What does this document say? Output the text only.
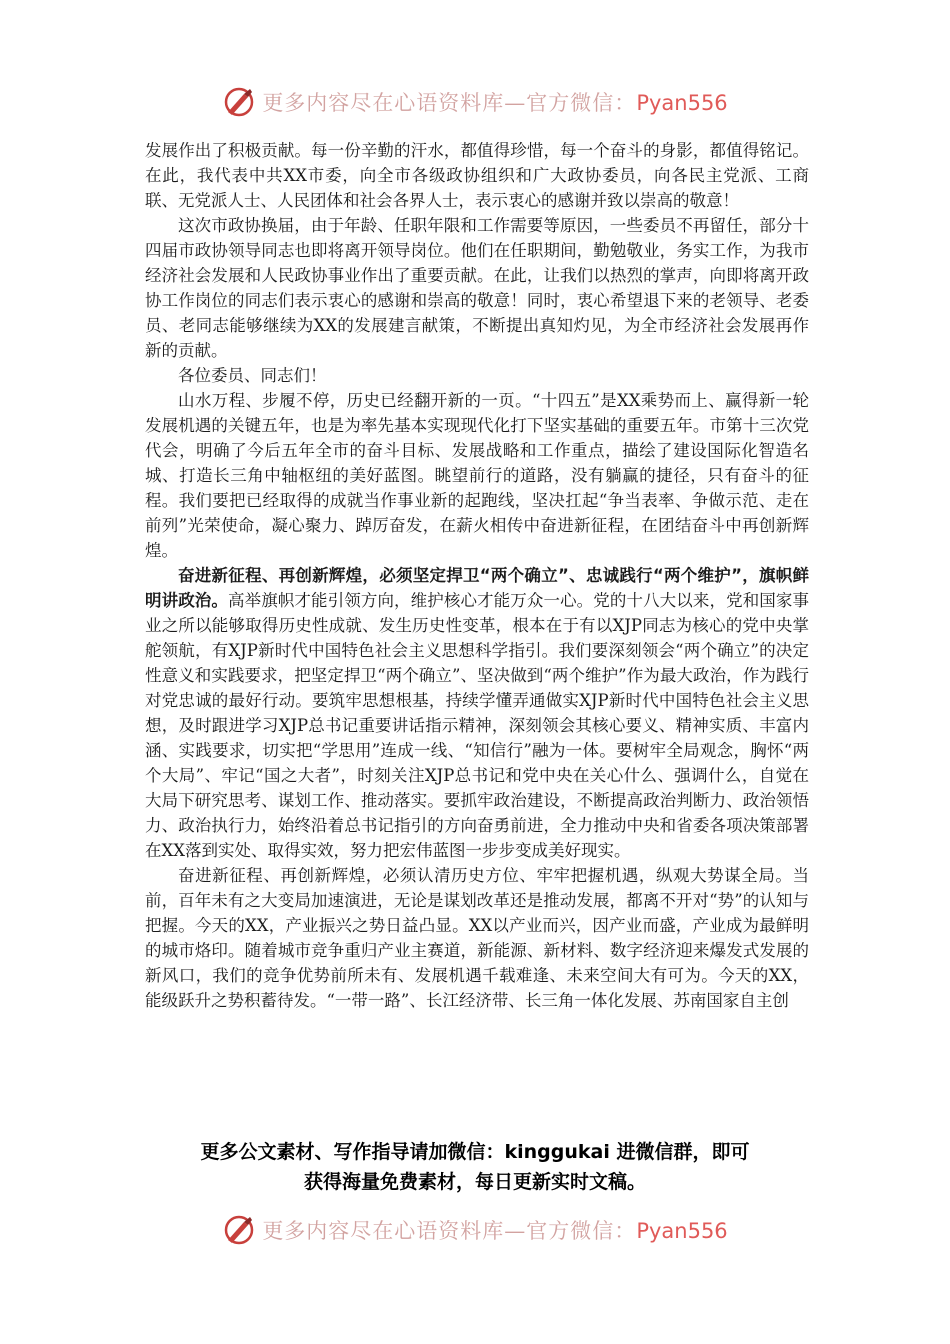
更多内容尽在心语资料库—官方微信：Pyan556

发展作出了积极贡献。每一份辛勤的汗水，都值得珍惜，每一个奋斗的身影，都值得铭记。在此，我代表中共XX市委，向全市各级政协组织和广大政协委员，向各民主党派、工商联、无党派人士、人民团体和社会各界人士，表示衷心的感谢并致以崇高的敬意！

这次市政协换届，由于年龄、任职年限和工作需要等原因，一些委员不再留任，部分十四届市政协领导同志也即将离开领导岗位。他们在任职期间，勤勉敬业，务实工作，为我市经济社会发展和人民政协事业作出了重要贡献。在此，让我们以热烈的掌声，向即将离开政协工作岗位的同志们表示衷心的感谢和崇高的敬意！同时，衷心希望退下来的老领导、老委员、老同志能够继续为XX的发展建言献策，不断提出真知灼见，为全市经济社会发展再作新的贡献。

各位委员、同志们！

山水万程、步履不停，历史已经翻开新的一页。“十四五”是XX乘势而上、赢得新一轮发展机遇的关键五年，也是为率先基本实现现代化打下坚实基础的重要五年。市第十三次党代会，明确了今后五年全市的奋斗目标、发展战略和工作重点，描绘了建设国际化智造名城、打造长三角中轴枢纽的美好蓝图。眺望前行的道路，没有躺赢的捷径，只有奋斗的征程。我们要把已经取得的成就当作事业新的起跑线，坚决扛起“争当表率、争做示范、走在前列”光荣使命，凝心聚力、踔厉奋发，在薪火相传中奋进新征程，在团结奋斗中再创新辉煌。

奋进新征程、再创新辉煌，必须坚定捍卫“两个确立”、忠诚践行“两个维护”，旗帜鲜明讲政治。高举旗帜才能引领方向，维护核心才能万众一心。党的十八大以来，党和国家事业之所以能够取得历史性成就、发生历史性变革，根本在于有以XJP同志为核心的党中央掌舵领航，有XJP新时代中国特色社会主义思想科学指引。我们要深刻领会“两个确立”的决定性意义和实践要求，把坚定捍卫“两个确立”、坚决做到“两个维护”作为最大政治，作为践行对党忠诚的最好行动。要筑牢思想根基，持续学懂弄通做实XJP新时代中国特色社会主义思想，及时跟进学习XJP总书记重要讲话指示精神，深刻领会其核心要义、精神实质、丰富内涵、实践要求，切实把“学思用”连成一线、“知信行”融为一体。要树牢全局观念，胸怀“两个大局”、牢记“国之大者”，时刻关注XJP总书记和党中央在关心什么、强调什么，自觉在大局下研究思考、谋划工作、推动落实。要抓牢政治建设，不断提高政治判断力、政治领悟力、政治执行力，始终沿着总书记指引的方向奋勇前进，全力推动中央和省委各项决策部署在XX落到实处、取得实效，努力把宏伟蓝图一步步变成美好现实。

奋进新征程、再创新辉煌，必须认清历史方位、牢牢把握机遇，纵观大势谋全局。当前，百年未有之大变局加速演进，无论是谋划改革还是推动发展，都离不开对“势”的认知与把握。今天的XX，产业振兴之势日益凸显。XX以产业而兴，因产业而盛，产业成为最鲜明的城市烙印。随着城市竞争重归产业主赛道，新能源、新材料、数字经济迎来爆发式发展的新风口，我们的竞争优势前所未有、发展机遇千载难逢、未来空间大有可为。今天的XX，能级跃升之势积蓄待发。“一带一路”、长江经济带、长三角一体化发展、苏南国家自主创

更多公文素材、写作指导请加微信：kinggukai 进微信群，即可
获得海量免费素材，每日更新实时文稿。
更多内容尽在心语资料库—官方微信：Pyan556
